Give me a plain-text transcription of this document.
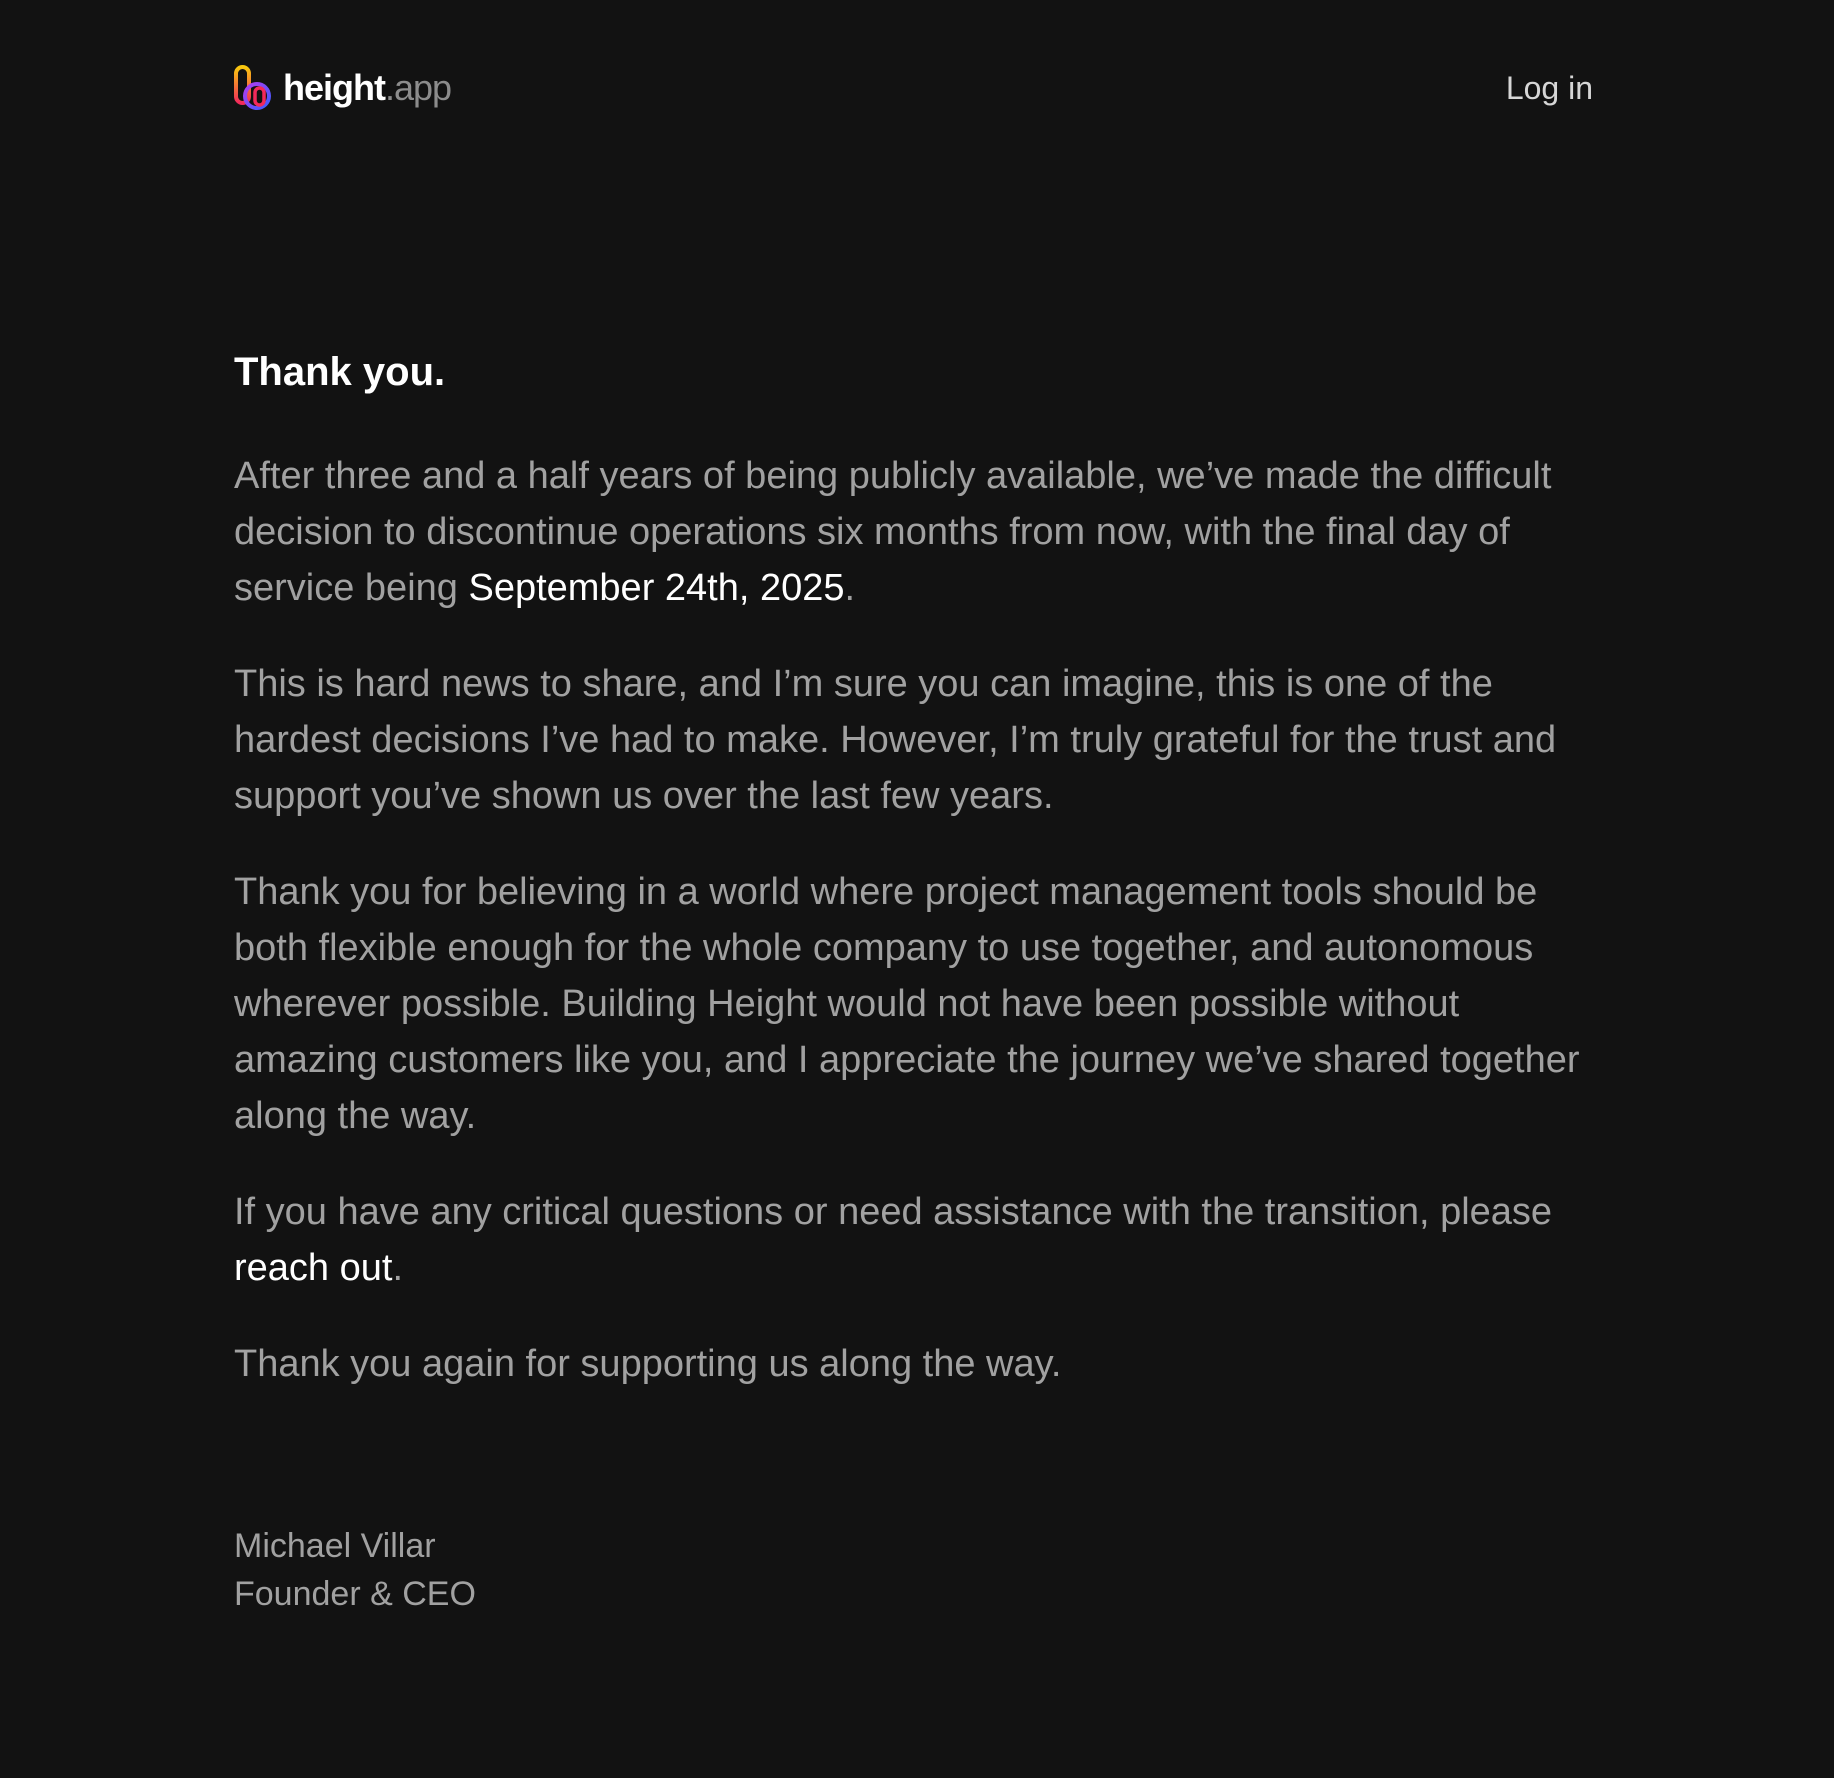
height.app	Log in
Thank you.

After three and a half years of being publicly available, we’ve made the difficult decision to discontinue operations six months from now, with the final day of service being September 24th, 2025.

This is hard news to share, and I’m sure you can imagine, this is one of the hardest decisions I’ve had to make. However, I’m truly grateful for the trust and support you’ve shown us over the last few years.

Thank you for believing in a world where project management tools should be both flexible enough for the whole company to use together, and autonomous wherever possible. Building Height would not have been possible without amazing customers like you, and I appreciate the journey we’ve shared together along the way.

If you have any critical questions or need assistance with the transition, please reach out.

Thank you again for supporting us along the way.

Michael Villar
Founder & CEO
